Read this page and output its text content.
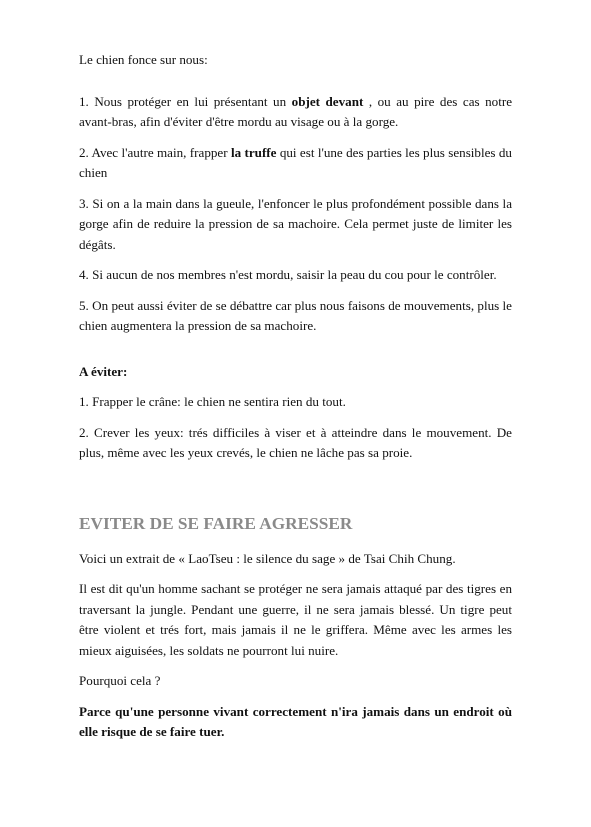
Le chien fonce sur nous:

1. Nous protéger en lui présentant un objet devant , ou au pire des cas notre avant-bras, afin d'éviter d'être mordu au visage ou à la gorge.

2. Avec l'autre main, frapper la truffe qui est l'une des parties les plus sensibles du chien

3. Si on a la main dans la gueule, l'enfoncer le plus profondément possible dans la gorge afin de reduire la pression de sa machoire. Cela permet juste de limiter les dégâts.

4. Si aucun de nos membres n'est mordu, saisir la peau du cou pour le contrôler.

5. On peut aussi éviter de se débattre car plus nous faisons de mouvements, plus le chien augmentera la pression de sa machoire.

A éviter:

1. Frapper le crâne: le chien ne sentira rien du tout.

2. Crever les yeux: trés difficiles à viser et à atteindre dans le mouvement. De plus, même avec les yeux crevés, le chien ne lâche pas sa proie.

EVITER DE SE FAIRE AGRESSER

Voici un extrait de « LaoTseu : le silence du sage » de Tsai Chih Chung.

Il est dit qu'un homme sachant se protéger ne sera jamais attaqué par des tigres en traversant la jungle. Pendant une guerre, il ne sera jamais blessé. Un tigre peut être violent et trés fort, mais jamais il ne le griffera. Même avec les armes les mieux aiguisées, les soldats ne pourront lui nuire.

Pourquoi cela ?

Parce qu'une personne vivant correctement n'ira jamais dans un endroit où elle risque de se faire tuer.
